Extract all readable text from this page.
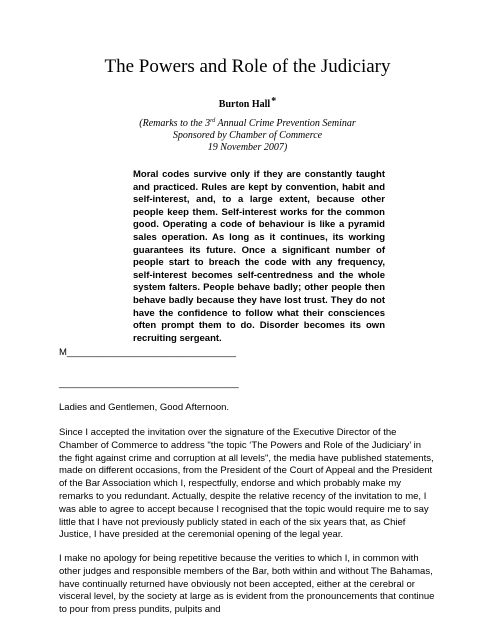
The Powers and Role of the Judiciary
Burton Hall*
(Remarks to the 3rd Annual Crime Prevention Seminar
Sponsored by Chamber of Commerce
19 November 2007)

Moral codes survive only if they are constantly taught and practiced. Rules are kept by convention, habit and self-interest, and, to a large extent, because other people keep them. Self-interest works for the common good. Operating a code of behaviour is like a pyramid sales operation. As long as it continues, its working guarantees its future. Once a significant number of people start to breach the code with any frequency, self-interest becomes self-centredness and the whole system falters. People behave badly; other people then behave badly because they have lost trust. They do not have the confidence to follow what their consciences often prompt them to do. Disorder becomes its own recruiting sergeant.

M________________________________
__________________________________

Ladies and Gentlemen, Good Afternoon.

Since I accepted the invitation over the signature of the Executive Director of the Chamber of Commerce to address "the topic ‘The Powers and Role of the Judiciary’ in the fight against crime and corruption at all levels", the media have published statements, made on different occasions, from the President of the Court of Appeal and the President of the Bar Association which I, respectfully, endorse and which probably make my remarks to you redundant. Actually, despite the relative recency of the invitation to me, I was able to agree to accept because I recognised that the topic would require me to say little that I have not previously publicly stated in each of the six years that, as Chief Justice, I have presided at the ceremonial opening of the legal year.

I make no apology for being repetitive because the verities to which I, in common with other judges and responsible members of the Bar, both within and without The Bahamas, have continually returned have obviously not been accepted, either at the cerebral or visceral level, by the society at large as is evident from the pronouncements that continue to pour from press pundits, pulpits and
